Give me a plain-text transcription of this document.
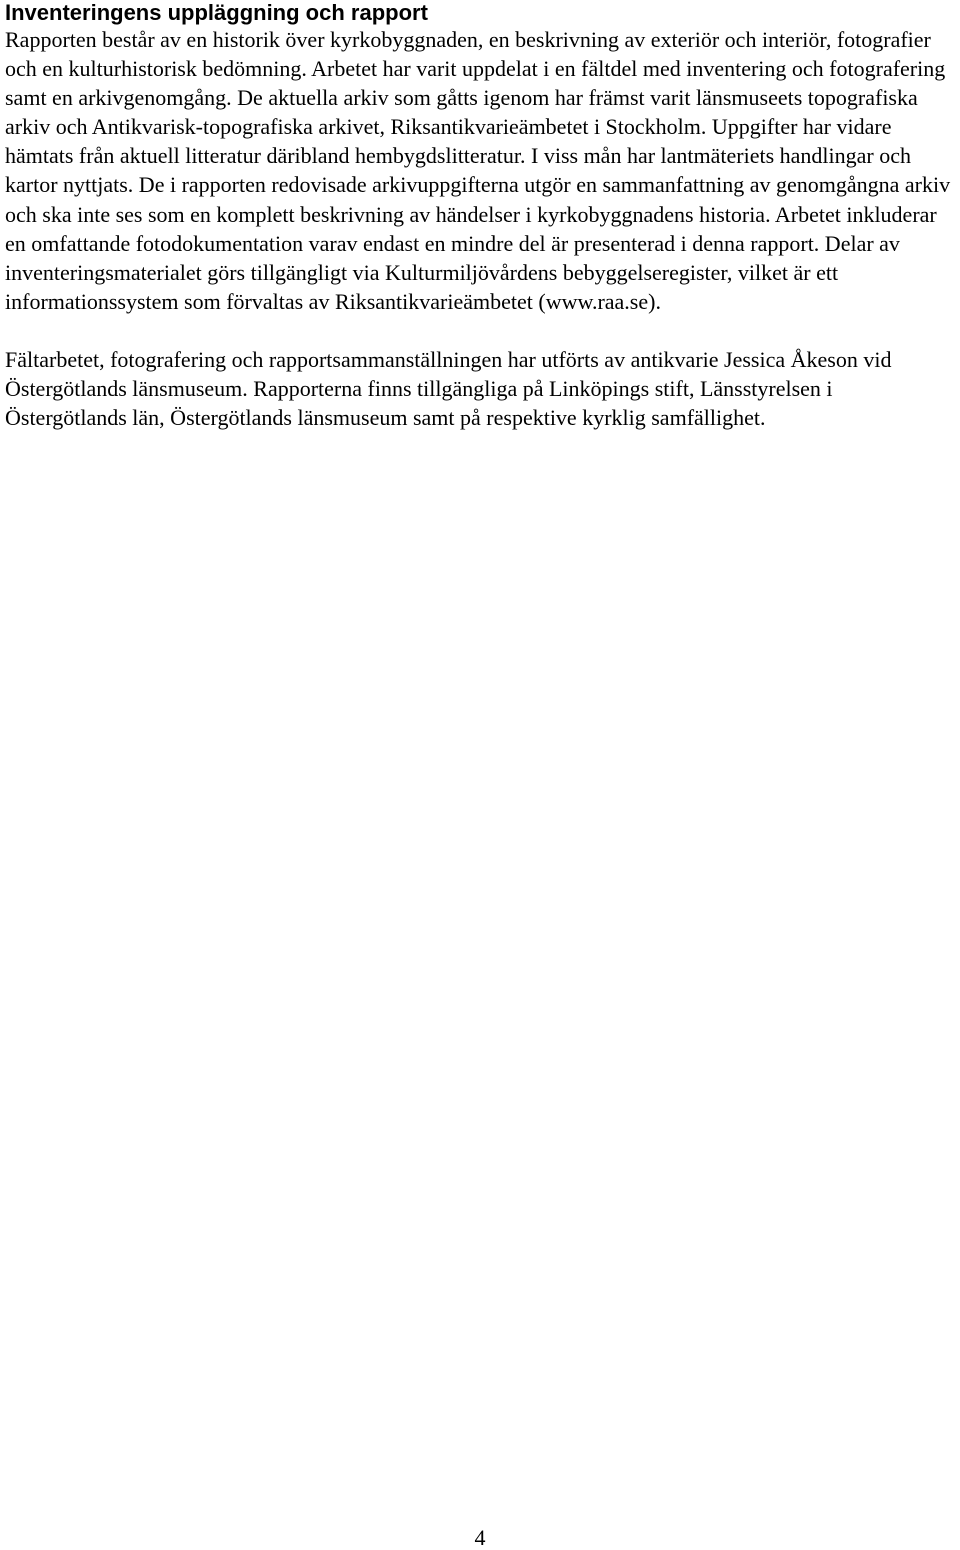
Inventeringens uppläggning och rapport

Rapporten består av en historik över kyrkobyggnaden, en beskrivning av exteriör och interiör, fotografier och en kulturhistorisk bedömning. Arbetet har varit uppdelat i en fältdel med inventering och fotografering samt en arkivgenomgång. De aktuella arkiv som gåtts igenom har främst varit länsmuseets topografiska arkiv och Antikvarisk-topografiska arkivet, Riksantikvarieämbetet i Stockholm. Uppgifter har vidare hämtats från aktuell litteratur däribland hembygdslitteratur. I viss mån har lantmäteriets handlingar och kartor nyttjats. De i rapporten redovisade arkivuppgifterna utgör en sammanfattning av genomgångna arkiv och ska inte ses som en komplett beskrivning av händelser i kyrkobyggnadens historia. Arbetet inkluderar en omfattande fotodokumentation varav endast en mindre del är presenterad i denna rapport. Delar av inventeringsmaterialet görs tillgängligt via Kulturmiljövårdens bebyggelseregister, vilket är ett informationssystem som förvaltas av Riksantikvarieämbetet (www.raa.se).

Fältarbetet, fotografering och rapportsammanställningen har utförts av antikvarie Jessica Åkeson vid Östergötlands länsmuseum. Rapporterna finns tillgängliga på Linköpings stift, Länsstyrelsen i Östergötlands län, Östergötlands länsmuseum samt på respektive kyrklig samfällighet.

4
